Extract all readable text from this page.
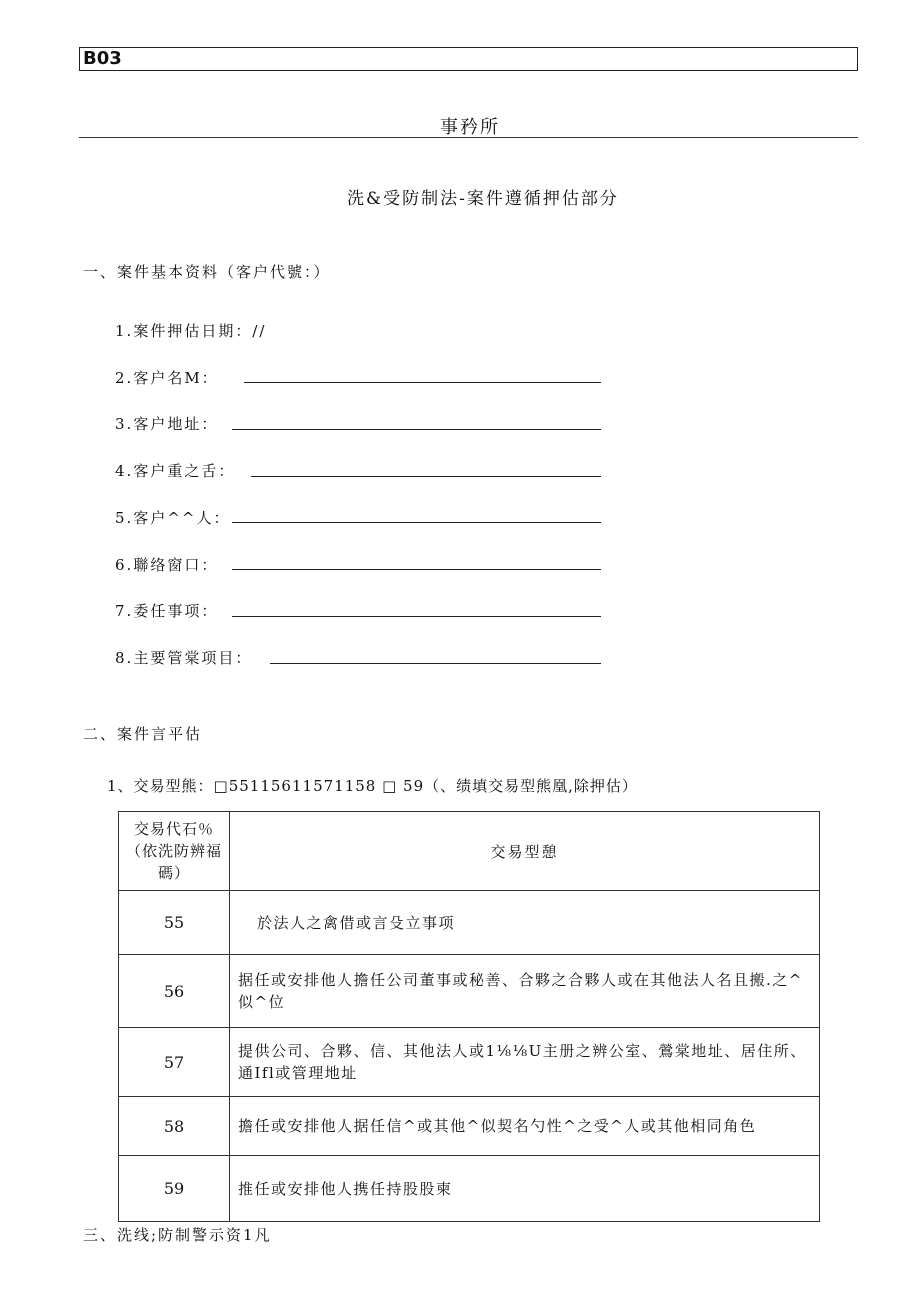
B03
事矜所
洗&受防制法-案件遵循押估部分
一、案件基本资料（客户代號：）
1.案件押估日期：//
2.客户名M：
3.客户地址：
4.客户重之舌：
5.客户^^人：
6.聯络窗口：
7.委任事项：
8.主要管棠项目：
二、案件言平估
1、交易型熊：□55115611571158 □ 59（、绩填交易型熊凰,除押估）
交易代石％
（依洗防辨福
碼）	交易型憩
55	於法人之禽借或言殳立事项
56	据任或安排他人擔任公司董事或秘善、合夥之合夥人或在其他法人名且搬.之^似^位
57	提供公司、合夥、信、其他法人或1⅛⅛U主册之辨公室、鶯棠地址、居住所、通Ifl或管理地址
58	擔任或安排他人据任信^或其他^似契名勺性^之受^人或其他相同角色
59	推任或安排他人携任持股股柬
三、洗线;防制警示资1凡
